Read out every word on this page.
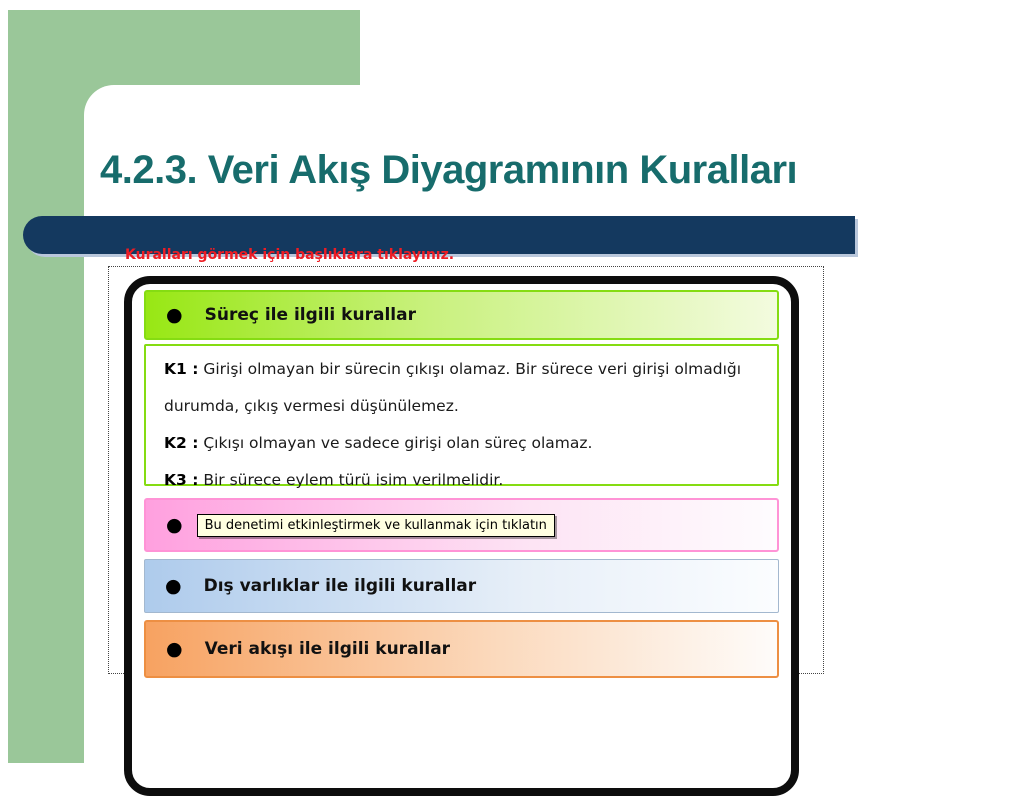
4.2.3. Veri Akış Diyagramının Kuralları
Kuralları görmek için başlıklara tıklayınız.
● Süreç ile ilgili kurallar

K1 : Girişi olmayan bir sürecin çıkışı olamaz. Bir sürece veri girişi olmadığı durumda, çıkış vermesi düşünülemez.

K2 : Çıkışı olmayan ve sadece girişi olan süreç olamaz.

K3 : Bir sürece eylem türü isim verilmelidir.

●	Bu denetimi etkinleştirmek ve kullanmak için tıklatın
● Dış varlıklar ile ilgili kurallar
● Veri akışı ile ilgili kurallar
